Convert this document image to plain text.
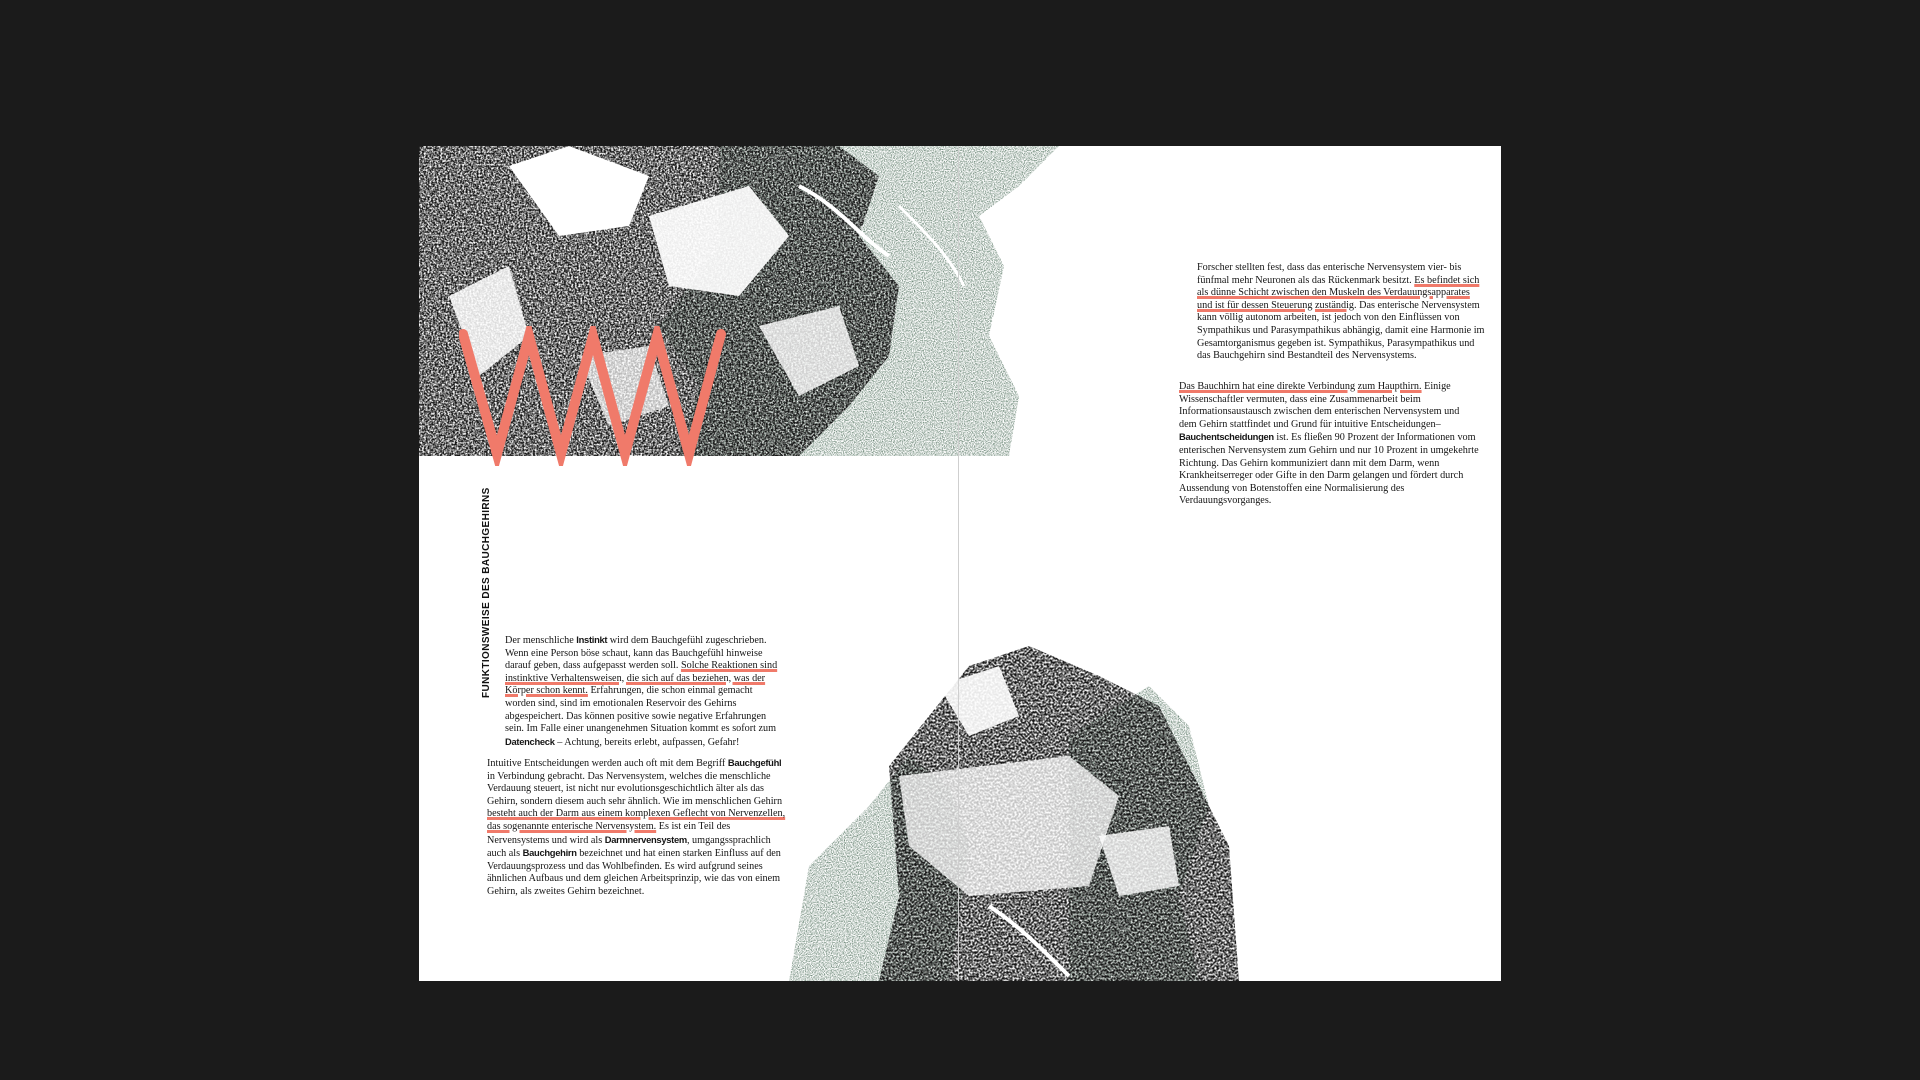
FUNKTIONSWEISE DES BAUCHGEHIRNS Der menschliche Instinkt wird dem Bauchgefühl zugeschrieben. Wenn eine Person böse schaut, kann das Bauchgefühl hinweise darauf geben, dass aufgepasst werden soll. Solche Reaktionen sind instinktive Verhaltensweisen, die sich auf das beziehen, was der Körper schon kennt. Erfahrungen, die schon einmal gemacht worden sind, sind im emotionalen Reservoir des Gehirns abgespeichert. Das können positive sowie negative Erfahrungen sein. Im Falle einer unangenehmen Situation kommt es sofort zum Datencheck – Achtung, bereits erlebt, aufpassen, Gefahr!

Intuitive Entscheidungen werden auch oft mit dem Begriff Bauchgefühl in Verbindung gebracht. Das Nervensystem, welches die menschliche Verdauung steuert, ist nicht nur evolutionsgeschichtlich älter als das Gehirn, sondern diesem auch sehr ähnlich. Wie im menschlichen Gehirn besteht auch der Darm aus einem komplexen Geflecht von Nervenzellen, das sogenannte enterische Nervensystem. Es ist ein Teil des Nervensystems und wird als Darmnervensystem, umgangssprachlich auch als Bauchgehirn bezeichnet und hat einen starken Einfluss auf den Verdauungsprozess und das Wohlbefinden. Es wird aufgrund seines ähnlichen Aufbaus und dem gleichen Arbeitsprinzip, wie das von einem Gehirn, als zweites Gehirn bezeichnet.

Forscher stellten fest, dass das enterische Nervensystem vier- bis fünfmal mehr Neuronen als das Rückenmark besitzt. Es befindet sich als dünne Schicht zwischen den Muskeln des Verdauungsapparates und ist für dessen Steuerung zuständig. Das enterische Nervensystem kann völlig autonom arbeiten, ist jedoch von den Einflüssen von Sympathikus und Parasympathikus abhängig, damit eine Harmonie im Gesamtorganismus gegeben ist. Sympathikus, Parasympathikus und das Bauchgehirn sind Bestandteil des Nervensystems.

Das Bauchhirn hat eine direkte Verbindung zum Haupthirn. Einige Wissenschaftler vermuten, dass eine Zusammenarbeit beim Informationsaustausch zwischen dem enterischen Nervensystem und dem Gehirn stattfindet und Grund für intuitive Entscheidungen–Bauchentscheidungen ist. Es fließen 90 Prozent der Informationen vom enterischen Nervensystem zum Gehirn und nur 10 Prozent in umgekehrte Richtung. Das Gehirn kommuniziert dann mit dem Darm, wenn Krankheitserreger oder Gifte in den Darm gelangen und fördert durch Aussendung von Botenstoffen eine Normalisierung des Verdauungsvorganges.
